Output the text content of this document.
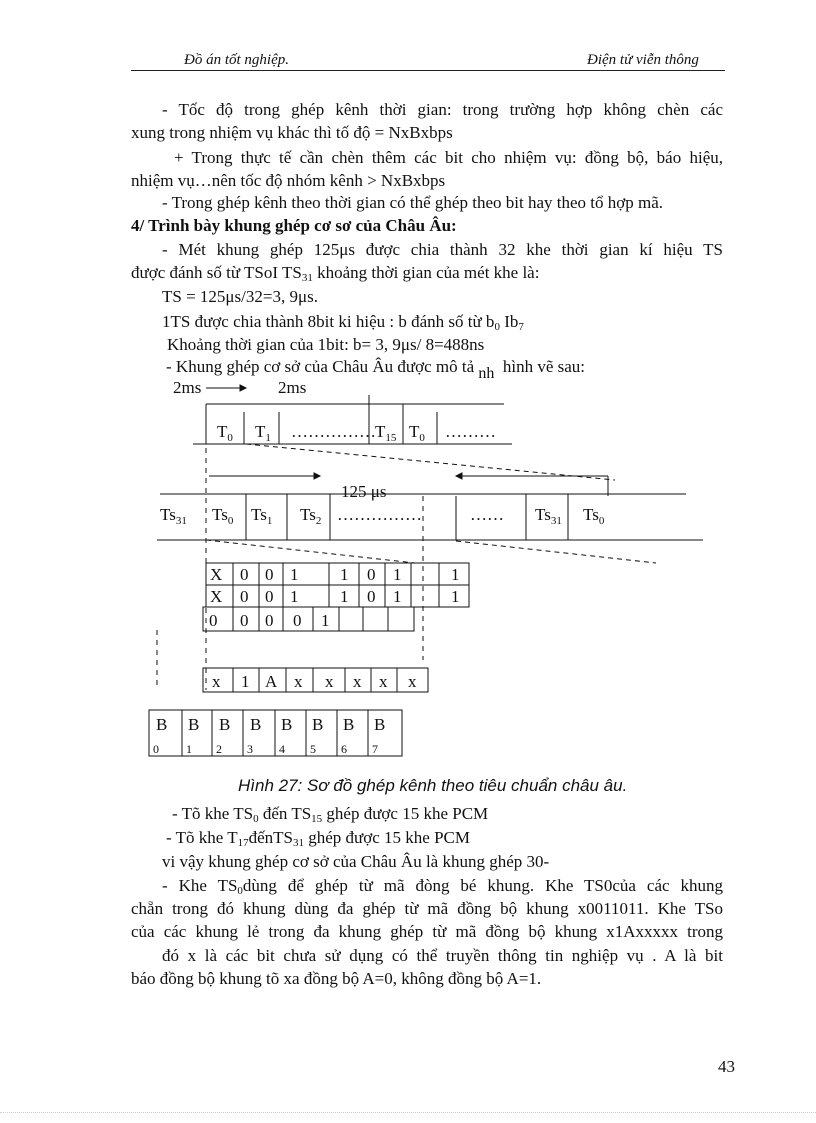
Đồ án tốt nghiệp.	Điện tử viễn thông
- Tốc độ trong ghép kênh thời gian: trong trường hợp không chèn các
xung trong nhiệm vụ khác thì tố độ = NxBxbps
+ Trong thực tế cần chèn thêm các bit cho nhiệm vụ: đồng bộ, báo hiệu,
nhiệm vụ…nên tốc độ nhóm kênh > NxBxbps
- Trong ghép kênh theo thời gian có thể ghép theo bit hay theo tổ hợp mã.
4/ Trình bày khung ghép cơ sơ của Châu Âu:
- Mét khung ghép 125μs được chia thành 32 khe thời gian kí hiệu TS
được đánh số từ TSoI $TS_{31}$ khoảng thời gian của mét khe là:
TS = 125μs/32=3, 9μs.
1TS được chia thành 8bit ki hiệu : b đánh số từ $b_0$ $Ib_7$
Khoảng thời gian của 1bit: b= 3, 9μs/ 8=488ns
- Khung ghép cơ sở của Châu Âu được mô tả nh hình vẽ sau:
2ms	2ms
$T_0$ $T_1$ …………… $T_{15}$ $T_0$ ………
125 μs
$Ts_{31}$ $Ts_0$ $Ts_1$ $Ts_2$ ……………	…… $Ts_{31}$ $Ts_0$
X 0 0 1 1 0 1	1
X 0 0 1 1 0 1	1
0 0 0 0 1
x 1 A x x x x x
B B B B B B B B
0 1 2 3 4 5 6 7
Hình 27: Sơ đồ ghép kênh theo tiêu chuẩn châu âu.
- Tõ khe $TS_0$ đến $TS_{15}$ ghép được 15 khe PCM
- Tõ khe $T_{17}đếnTS_{31}$ ghép được 15 khe PCM
vi vậy khung ghép cơ sở của Châu Âu là khung ghép 30-
- Khe $TS_0dùng$ để ghép từ mã đòng bé khung. Khe TS0của các khung
chẵn trong đó khung dùng đa ghép từ mã đồng bộ khung x0011011. Khe TSo
của các khung lẻ trong đa khung ghép từ mã đồng bộ khung x1Axxxxx trong
đó x là các bit chưa sử dụng có thể truyền thông tin nghiệp vụ . A là bit
báo đồng bộ khung tõ xa đồng bộ A=0, không đồng bộ A=1.
43
